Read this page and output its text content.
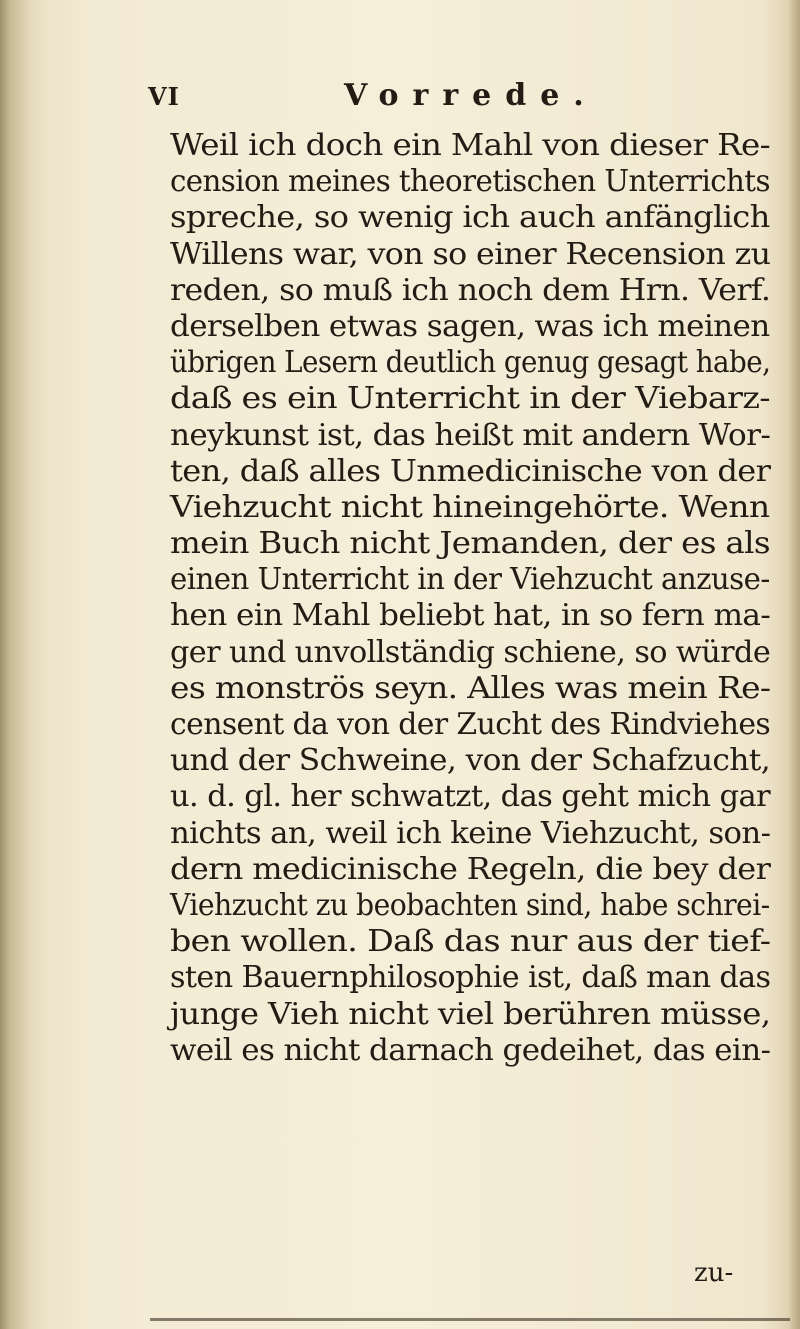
VI	Vorrede.
Weil ich doch ein Mahl von dieser Re-
cension meines theoretischen Unterrichts
spreche, so wenig ich auch anfänglich
Willens war, von so einer Recension zu
reden, so muß ich noch dem Hrn. Verf.
derselben etwas sagen, was ich meinen
übrigen Lesern deutlich genug gesagt habe,
daß es ein Unterricht in der Viebarz-
neykunst ist, das heißt mit andern Wor-
ten, daß alles Unmedicinische von der
Viehzucht nicht hineingehörte. Wenn
mein Buch nicht Jemanden, der es als
einen Unterricht in der Viehzucht anzuse-
hen ein Mahl beliebt hat, in so fern ma-
ger und unvollständig schiene, so würde
es monströs seyn. Alles was mein Re-
censent da von der Zucht des Rindviehes
und der Schweine, von der Schafzucht,
u. d. gl. her schwatzt, das geht mich gar
nichts an, weil ich keine Viehzucht, son-
dern medicinische Regeln, die bey der
Viehzucht zu beobachten sind, habe schrei-
ben wollen. Daß das nur aus der tief-
sten Bauernphilosophie ist, daß man das
junge Vieh nicht viel berühren müsse,
weil es nicht darnach gedeihet, das ein-
zu-
